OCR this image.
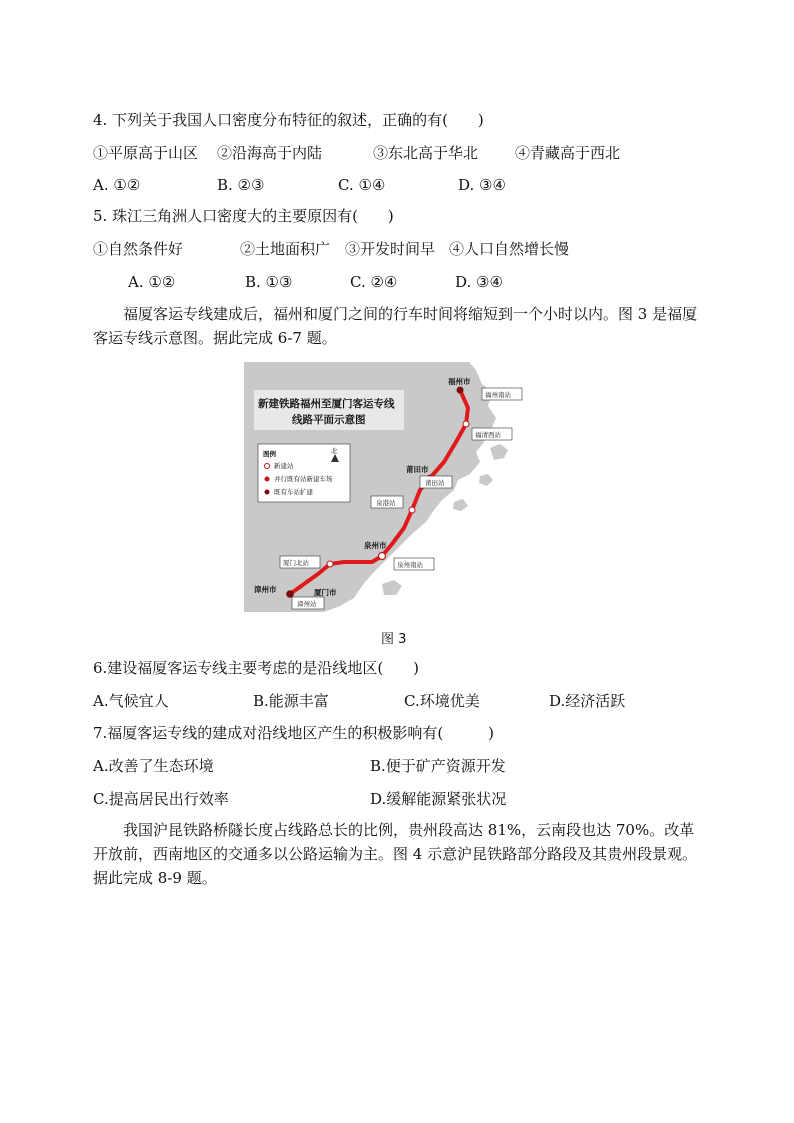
4. 下列关于我国人口密度分布特征的叙述，正确的有(　　)
①平原高于山区 ②沿海高于内陆	③东北高于华北 ④青藏高于西北
A. ①②	B. ②③	C. ①④	D. ③④
5. 珠江三角洲人口密度大的主要原因有(　　)
①自然条件好	②土地面积广 ③开发时间早 ④人口自然增长慢
A. ①②	B. ①③	C. ②④	D. ③④
福厦客运专线建成后，福州和厦门之间的行车时间将缩短到一个小时以内。图 3 是福厦客运专线示意图。据此完成 6-7 题。
新建铁路福州至厦门客运专线
线路平面示意图
图例	北
新建站
并行既有站新建车场
既有车站扩建
福州市
莆田市
泉州市
厦门市
漳州市
福州南站
福清西站
莆田站
泉港站
泉州南站
厦门北站
漳州站
图 3
6.建设福厦客运专线主要考虑的是沿线地区(　　)
A.气候宜人	B.能源丰富	C.环境优美	D.经济活跃
7.福厦客运专线的建成对沿线地区产生的积极影响有(　　　)
A.改善了生态环境	B.便于矿产资源开发
C.提高居民出行效率	D.缓解能源紧张状况
我国沪昆铁路桥隧长度占线路总长的比例，贵州段高达 81%，云南段也达 70%。改革开放前，西南地区的交通多以公路运输为主。图 4 示意沪昆铁路部分路段及其贵州段景观。据此完成 8-9 题。
